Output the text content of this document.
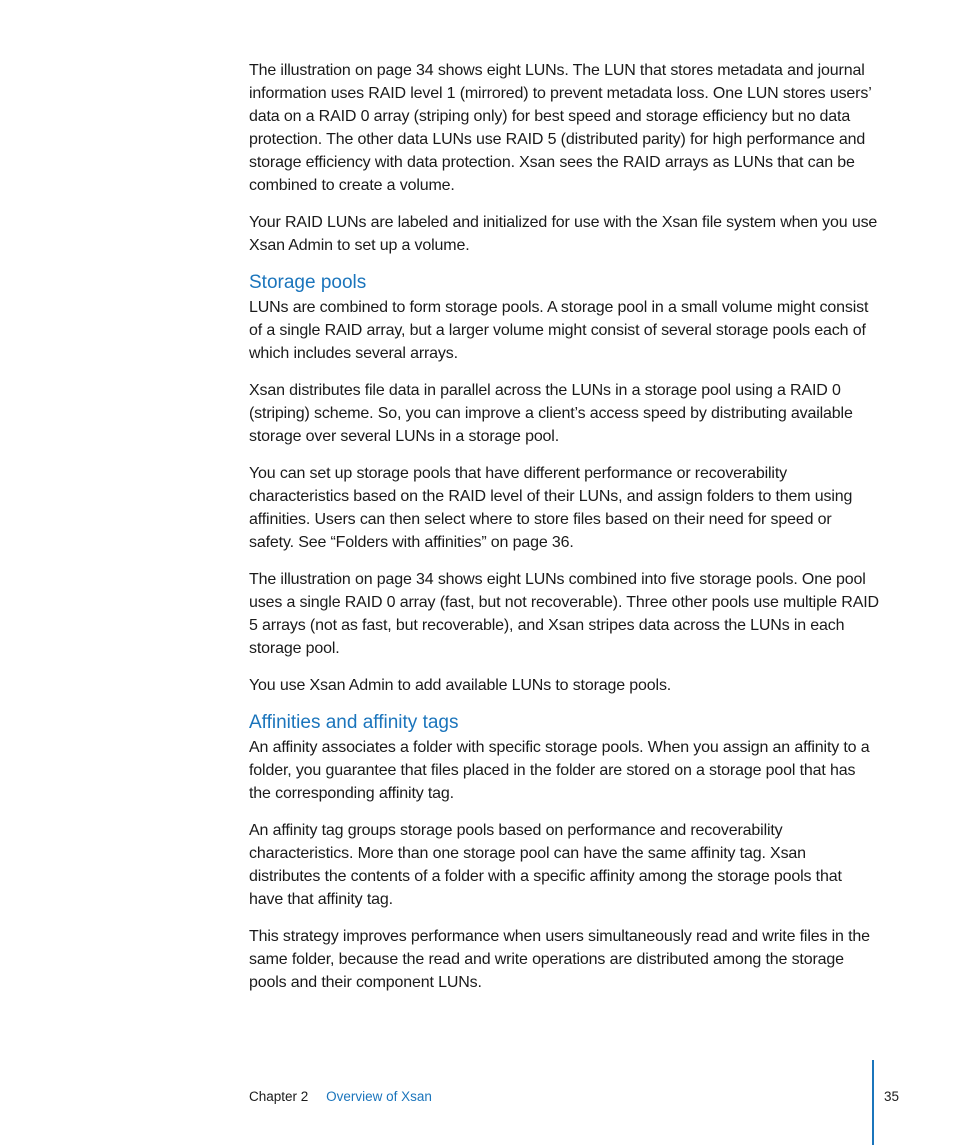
The illustration on page 34 shows eight LUNs. The LUN that stores metadata and journal information uses RAID level 1 (mirrored) to prevent metadata loss. One LUN stores users’ data on a RAID 0 array (striping only) for best speed and storage efficiency but no data protection. The other data LUNs use RAID 5 (distributed parity) for high performance and storage efficiency with data protection. Xsan sees the RAID arrays as LUNs that can be combined to create a volume.

Your RAID LUNs are labeled and initialized for use with the Xsan file system when you use Xsan Admin to set up a volume.

Storage pools

LUNs are combined to form storage pools. A storage pool in a small volume might consist of a single RAID array, but a larger volume might consist of several storage pools each of which includes several arrays.

Xsan distributes file data in parallel across the LUNs in a storage pool using a RAID 0 (striping) scheme. So, you can improve a client’s access speed by distributing available storage over several LUNs in a storage pool.

You can set up storage pools that have different performance or recoverability characteristics based on the RAID level of their LUNs, and assign folders to them using affinities. Users can then select where to store files based on their need for speed or safety. See “Folders with affinities” on page 36.

The illustration on page 34 shows eight LUNs combined into five storage pools. One pool uses a single RAID 0 array (fast, but not recoverable). Three other pools use multiple RAID 5 arrays (not as fast, but recoverable), and Xsan stripes data across the LUNs in each storage pool.

You use Xsan Admin to add available LUNs to storage pools.

Affinities and affinity tags

An affinity associates a folder with specific storage pools. When you assign an affinity to a folder, you guarantee that files placed in the folder are stored on a storage pool that has the corresponding affinity tag.

An affinity tag groups storage pools based on performance and recoverability characteristics. More than one storage pool can have the same affinity tag. Xsan distributes the contents of a folder with a specific affinity among the storage pools that have that affinity tag.

This strategy improves performance when users simultaneously read and write files in the same folder, because the read and write operations are distributed among the storage pools and their component LUNs.

Chapter 2 Overview of Xsan	35
